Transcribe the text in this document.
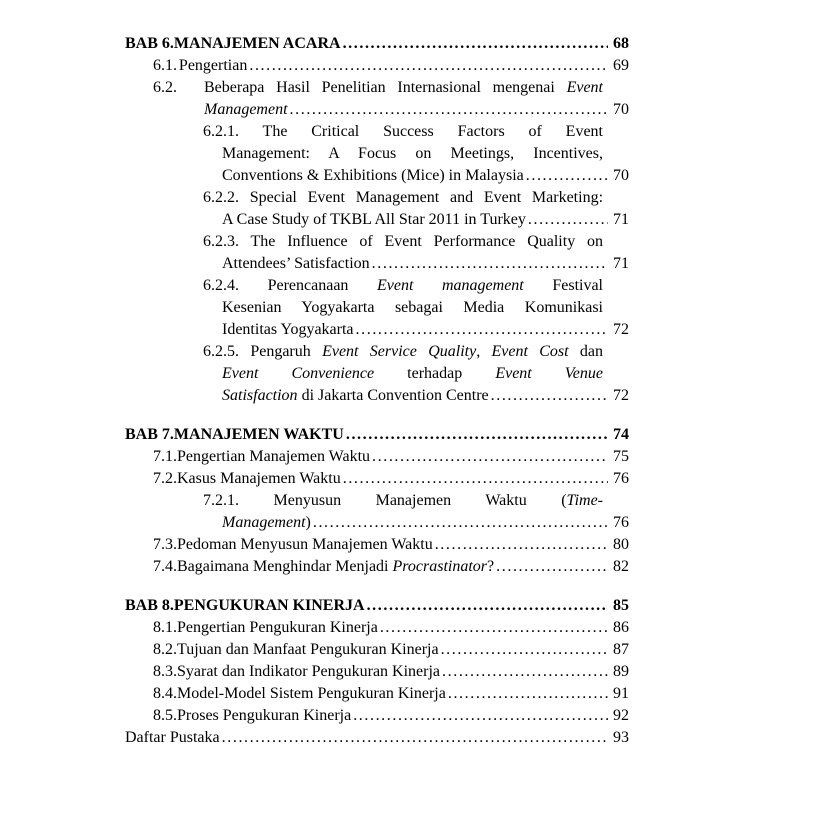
BAB 6. MANAJEMEN ACARA .....	68
6.1. Pengertian .....	69
6.2. Beberapa Hasil Penelitian Internasional mengenai Event
Management .....	70
6.2.1. The Critical Success Factors of Event
Management: A Focus on Meetings, Incentives,
Conventions & Exhibitions (Mice) in Malaysia .....	70
6.2.2. Special Event Management and Event Marketing:
A Case Study of TKBL All Star 2011 in Turkey .....	71
6.2.3. The Influence of Event Performance Quality on
Attendees’ Satisfaction .....	71
6.2.4. Perencanaan Event management Festival
Kesenian Yogyakarta sebagai Media Komunikasi
Identitas Yogyakarta .....	72
6.2.5. Pengaruh Event Service Quality, Event Cost dan
Event Convenience terhadap Event Venue
Satisfaction di Jakarta Convention Centre .....	72
BAB 7. MANAJEMEN WAKTU .....	74
7.1. Pengertian Manajemen Waktu .....	75
7.2. Kasus Manajemen Waktu .....	76
7.2.1. Menyusun Manajemen Waktu (Time-
Management) .....	76
7.3. Pedoman Menyusun Manajemen Waktu .....	80
7.4. Bagaimana Menghindar Menjadi Procrastinator? .....	82
BAB 8. PENGUKURAN KINERJA .....	85
8.1. Pengertian Pengukuran Kinerja .....	86
8.2. Tujuan dan Manfaat Pengukuran Kinerja .....	87
8.3. Syarat dan Indikator Pengukuran Kinerja .....	89
8.4. Model-Model Sistem Pengukuran Kinerja .....	91
8.5. Proses Pengukuran Kinerja .....	92
Daftar Pustaka .....	93
